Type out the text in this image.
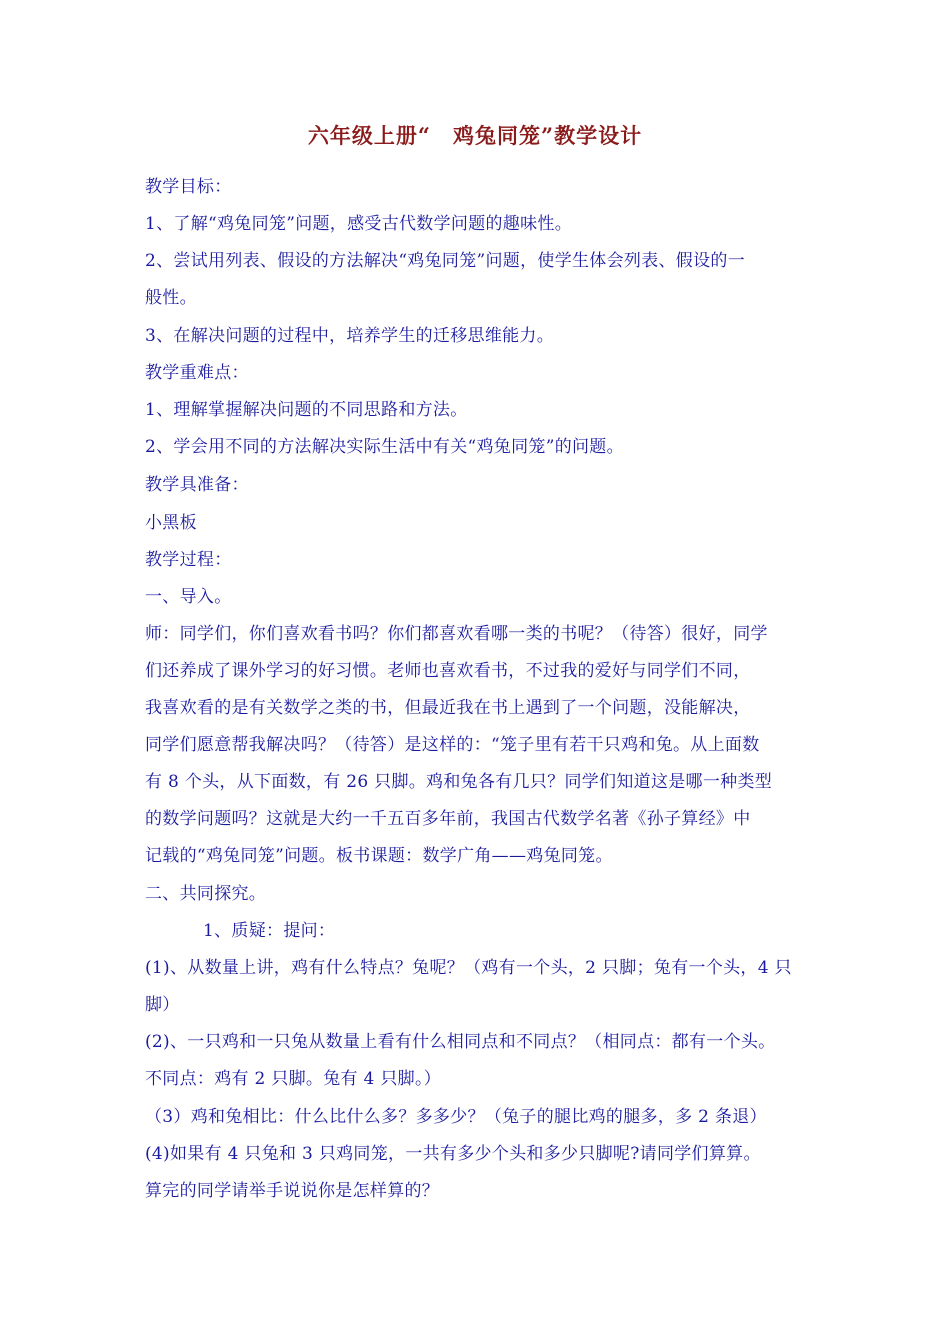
六年级上册“　鸡兔同笼”教学设计
教学目标：
1、了解“鸡兔同笼”问题，感受古代数学问题的趣味性。
2、尝试用列表、假设的方法解决“鸡兔同笼”问题，使学生体会列表、假设的一
般性。
3、在解决问题的过程中，培养学生的迁移思维能力。
教学重难点：
1、理解掌握解决问题的不同思路和方法。
2、学会用不同的方法解决实际生活中有关“鸡兔同笼”的问题。
教学具准备：
小黑板
教学过程：
一、导入。
师：同学们，你们喜欢看书吗？你们都喜欢看哪一类的书呢？（待答）很好，同学
们还养成了课外学习的好习惯。老师也喜欢看书，不过我的爱好与同学们不同，
我喜欢看的是有关数学之类的书，但最近我在书上遇到了一个问题，没能解决，
同学们愿意帮我解决吗？（待答）是这样的：“笼子里有若干只鸡和兔。从上面数
有 8 个头，从下面数，有 26 只脚。鸡和兔各有几只？同学们知道这是哪一种类型
的数学问题吗？这就是大约一千五百多年前，我国古代数学名著《孙子算经》中
记载的“鸡兔同笼”问题。板书课题：数学广角——鸡兔同笼。
二、共同探究。
1、质疑：提问：
(1)、从数量上讲，鸡有什么特点？兔呢？（鸡有一个头，2 只脚；兔有一个头，4 只
脚）
(2)、一只鸡和一只兔从数量上看有什么相同点和不同点？（相同点：都有一个头。
不同点：鸡有 2 只脚。兔有 4 只脚。）
（3）鸡和兔相比：什么比什么多？多多少？（兔子的腿比鸡的腿多，多 2 条退）
(4)如果有 4 只兔和 3 只鸡同笼，一共有多少个头和多少只脚呢?请同学们算算。
算完的同学请举手说说你是怎样算的？
